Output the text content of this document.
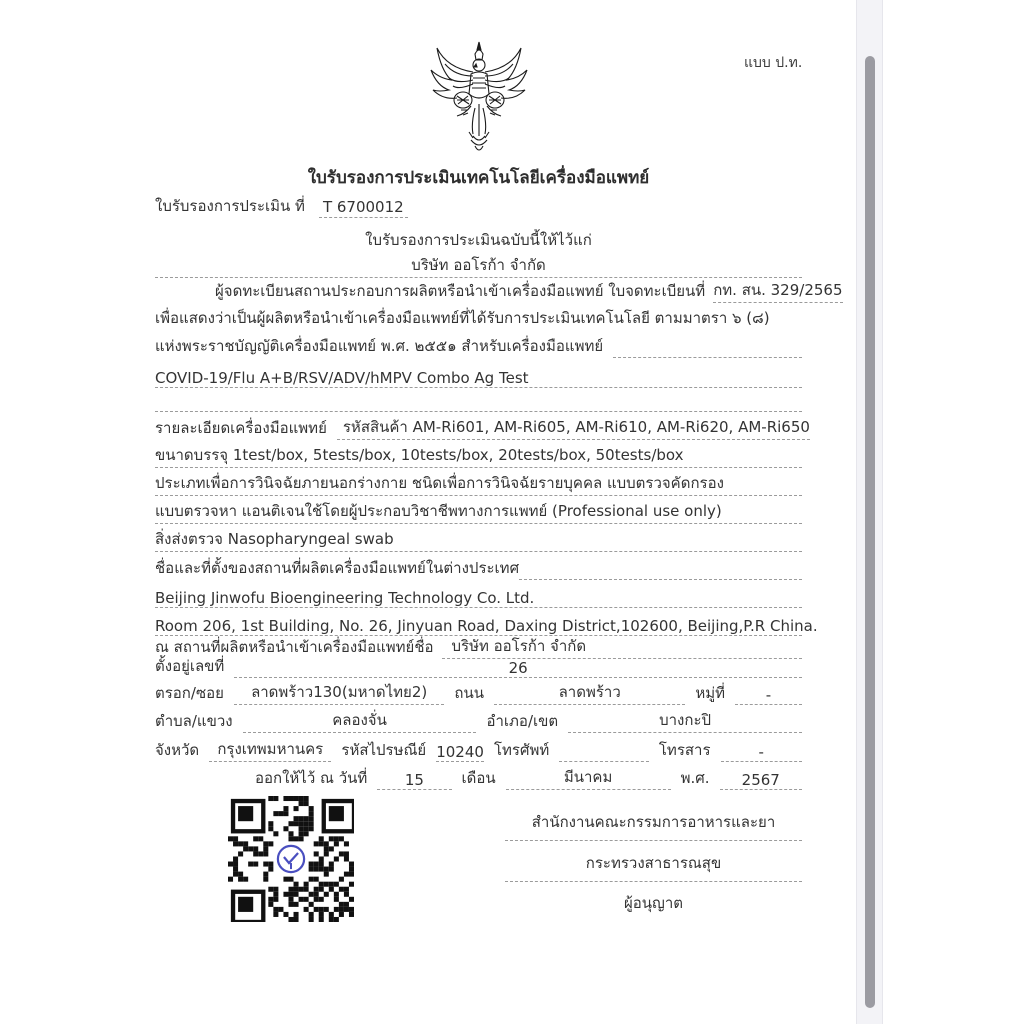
แบบ ป.ท.
ใบรับรองการประเมินเทคโนโลยีเครื่องมือแพทย์
ใบรับรองการประเมิน ที่ T 6700012
ใบรับรองการประเมินฉบับนี้ให้ไว้แก่
บริษัท ออโรก้า จำกัด
ผู้จดทะเบียนสถานประกอบการผลิตหรือนำเข้าเครื่องมือแพทย์ ใบจดทะเบียนที่ กท. สน. 329/2565
เพื่อแสดงว่าเป็นผู้ผลิตหรือนำเข้าเครื่องมือแพทย์ที่ได้รับการประเมินเทคโนโลยี ตามมาตรา ๖ (๘)
แห่งพระราชบัญญัติเครื่องมือแพทย์ พ.ศ. ๒๕๕๑ สำหรับเครื่องมือแพทย์
COVID-19/Flu A+B/RSV/ADV/hMPV Combo Ag Test
รายละเอียดเครื่องมือแพทย์	รหัสสินค้า AM-Ri601, AM-Ri605, AM-Ri610, AM-Ri620, AM-Ri650
ขนาดบรรจุ 1test/box, 5tests/box, 10tests/box, 20tests/box, 50tests/box
ประเภทเพื่อการวินิจฉัยภายนอกร่างกาย ชนิดเพื่อการวินิจฉัยรายบุคคล แบบตรวจคัดกรอง
แบบตรวจหา แอนติเจนใช้โดยผู้ประกอบวิชาชีพทางการแพทย์ (Professional use only)
สิ่งส่งตรวจ Nasopharyngeal swab
ชื่อและที่ตั้งของสถานที่ผลิตเครื่องมือแพทย์ในต่างประเทศ
Beijing Jinwofu Bioengineering Technology Co. Ltd.
Room 206, 1st Building, No. 26, Jinyuan Road, Daxing District,102600, Beijing,P.R China.
ณ สถานที่ผลิตหรือนำเข้าเครื่องมือแพทย์ชื่อ	บริษัท ออโรก้า จำกัด
ตั้งอยู่เลขที่	26
ตรอก/ซอย	ลาดพร้าว130(มหาดไทย2)	ถนน	ลาดพร้าว	หมู่ที่	-
ตำบล/แขวง	คลองจั่น	อำเภอ/เขต	บางกะปิ
จังหวัด	กรุงเทพมหานคร	รหัสไปรษณีย์ 10240 โทรศัพท์	โทรสาร	-
ออกให้ไว้ ณ วันที่	15	เดือน	มีนาคม	พ.ศ.	2567
สำนักงานคณะกรรมการอาหารและยา
กระทรวงสาธารณสุข
ผู้อนุญาต
